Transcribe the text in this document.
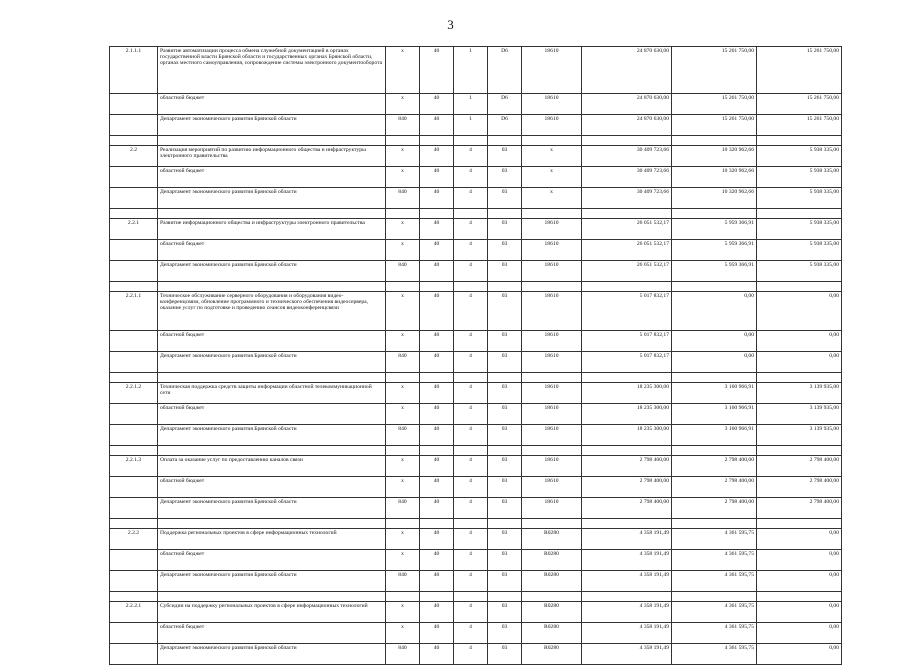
3
2.1.1.1	Развитие автоматизации процесса обмена служебной документацией в органах государственной власти Брянской области и государственных органах Брянской области, органах местного самоуправления, сопровождение системы электронного документооборота	х	40	1	D6	18610	24 870 630,00	15 261 750,00	15 261 750,00
	областной бюджет	х	40	1	D6	18610	24 870 630,00	15 261 750,00	15 261 750,00
	Департамент экономического развития Брянской области	840	40	1	D6	18610	24 870 630,00	15 261 750,00	15 261 750,00

2.2	Реализация мероприятий по развитию информационного общества и инфраструктуры электронного правительства	х	40	4	03	х	30 409 723,66	10 320 962,66	5 938 335,00
	областной бюджет	х	40	4	03	х	30 409 723,66	10 320 962,66	5 938 335,00
	Департамент экономического развития Брянской области	840	40	4	03	х	30 409 723,66	10 320 962,66	5 938 335,00

2.2.1	Развитие информационного общества и инфраструктуры электронного правительства	х	40	4	03	18610	26 051 532,17	5 959 366,91	5 938 335,00
	областной бюджет	х	40	4	03	18610	26 051 532,17	5 959 366,91	5 938 335,00
	Департамент экономического развития Брянской области	840	40	4	03	18610	26 051 532,17	5 959 366,91	5 938 335,00

2.2.1.1	Техническое обслуживание серверного оборудования и оборудования видео-конференцсвязи, обновление программного и технического обеспечения видеосервера, оказание услуг по подготовке и проведению сеансов видеоконференцсвязи	х	40	4	03	18610	5 017 832,17	0,00	0,00
	областной бюджет	х	40	4	03	18610	5 017 832,17	0,00	0,00
	Департамент экономического развития Брянской области	840	40	4	03	18610	5 017 832,17	0,00	0,00

2.2.1.2	Техническая поддержка средств защиты информации областной телекоммуникационной сети	х	40	4	03	18610	18 235 300,00	3 160 966,91	3 139 935,00
	областной бюджет	х	40	4	03	18610	18 235 300,00	3 160 966,91	3 139 935,00
	Департамент экономического развития Брянской области	840	40	4	03	18610	18 235 300,00	3 160 966,91	3 139 935,00

2.2.1.3	Оплата за оказание услуг по предоставлению каналов связи	х	40	4	03	18610	2 798 400,00	2 798 400,00	2 798 400,00
	областной бюджет	х	40	4	03	18610	2 798 400,00	2 798 400,00	2 798 400,00
	Департамент экономического развития Брянской области	840	40	4	03	18610	2 798 400,00	2 798 400,00	2 798 400,00

2.2.2	Поддержка региональных проектов в сфере информационных технологий	х	40	4	03	R0280	4 358 191,49	4 361 595,75	0,00
	областной бюджет	х	40	4	03	R0280	4 358 191,49	4 361 595,75	0,00
	Департамент экономического развития Брянской области	840	40	4	03	R0280	4 358 191,49	4 361 595,75	0,00

2.2.2.1	Субсидии на поддержку региональных проектов в сфере информационных технологий	х	40	4	03	R0280	4 358 191,49	4 361 595,75	0,00
	областной бюджет	х	40	4	03	R0280	4 358 191,49	4 361 595,75	0,00
	Департамент экономического развития Брянской области	840	40	4	03	R0280	4 358 191,49	4 361 595,75	0,00
